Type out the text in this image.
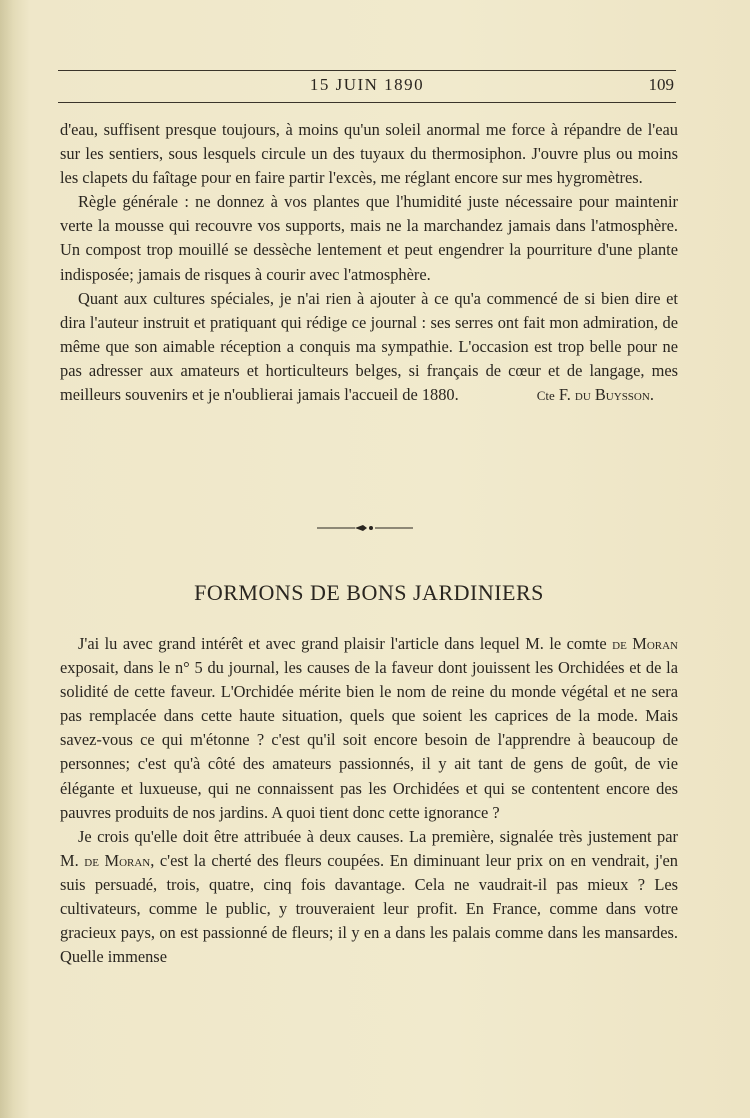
15 JUIN 1890	109

d'eau, suffisent presque toujours, à moins qu'un soleil anormal me force à répandre de l'eau sur les sentiers, sous lesquels circule un des tuyaux du thermosiphon. J'ouvre plus ou moins les clapets du faîtage pour en faire partir l'excès, me réglant encore sur mes hygromètres.

Règle générale : ne donnez à vos plantes que l'humidité juste nécessaire pour maintenir verte la mousse qui recouvre vos supports, mais ne la marchandez jamais dans l'atmosphère. Un compost trop mouillé se dessèche lentement et peut engendrer la pourriture d'une plante indisposée; jamais de risques à courir avec l'atmosphère.

Quant aux cultures spéciales, je n'ai rien à ajouter à ce qu'a commencé de si bien dire et dira l'auteur instruit et pratiquant qui rédige ce journal : ses serres ont fait mon admiration, de même que son aimable réception a conquis ma sympathie. L'occasion est trop belle pour ne pas adresser aux amateurs et horticulteurs belges, si français de cœur et de langage, mes meilleurs souvenirs et je n'oublierai jamais l'accueil de 1880.	Cte F. du Buysson.

FORMONS DE BONS JARDINIERS

J'ai lu avec grand intérêt et avec grand plaisir l'article dans lequel M. le comte de Moran exposait, dans le n° 5 du journal, les causes de la faveur dont jouissent les Orchidées et de la solidité de cette faveur. L'Orchidée mérite bien le nom de reine du monde végétal et ne sera pas remplacée dans cette haute situation, quels que soient les caprices de la mode. Mais savez-vous ce qui m'étonne ? c'est qu'il soit encore besoin de l'apprendre à beaucoup de personnes; c'est qu'à côté des amateurs passionnés, il y ait tant de gens de goût, de vie élégante et luxueuse, qui ne connaissent pas les Orchidées et qui se contentent encore des pauvres produits de nos jardins. A quoi tient donc cette ignorance ?

Je crois qu'elle doit être attribuée à deux causes. La première, signalée très justement par M. de Moran, c'est la cherté des fleurs coupées. En diminuant leur prix on en vendrait, j'en suis persuadé, trois, quatre, cinq fois davantage. Cela ne vaudrait-il pas mieux ? Les cultivateurs, comme le public, y trouveraient leur profit. En France, comme dans votre gracieux pays, on est passionné de fleurs; il y en a dans les palais comme dans les mansardes. Quelle immense
